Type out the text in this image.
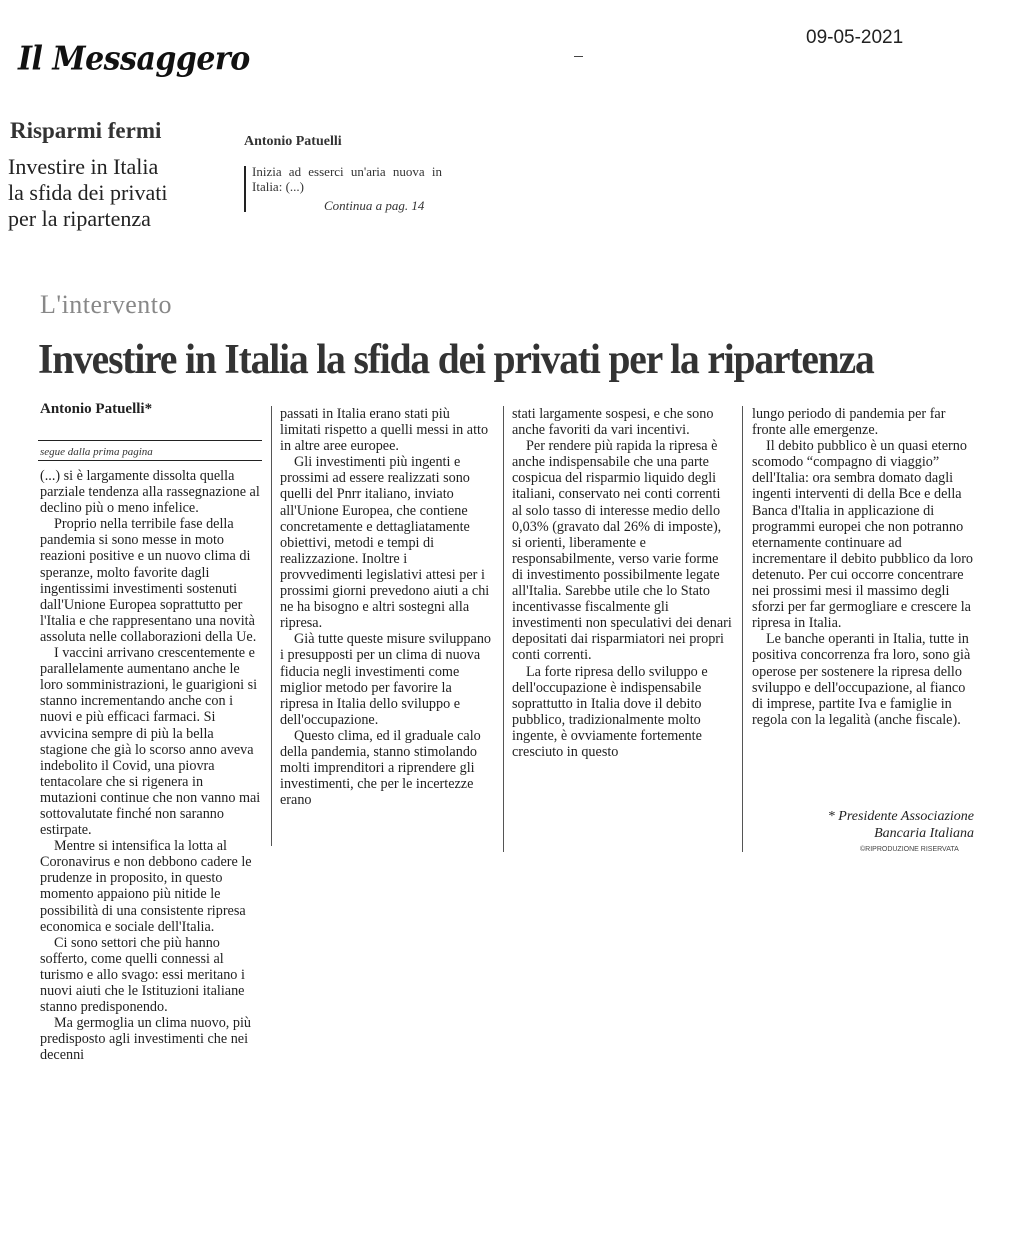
Il Messaggero
09-05-2021
Risparmi fermi
Investire in Italia
la sfida dei privati
per la ripartenza
Antonio Patuelli
Inizia ad esserci un'aria nuova in Italia: (...)
Continua a pag. 14
L'intervento
Investire in Italia la sfida dei privati per la ripartenza
Antonio Patuelli*
segue dalla prima pagina

(...) si è largamente dissolta quella parziale tendenza alla rassegnazione al declino più o meno infelice.

Proprio nella terribile fase della pandemia si sono messe in moto reazioni positive e un nuovo clima di speranze, molto favorite dagli ingentissimi investimenti sostenuti dall'Unione Europea soprattutto per l'Italia e che rappresentano una novità assoluta nelle collaborazioni della Ue.

I vaccini arrivano crescentemente e parallelamente aumentano anche le loro somministrazioni, le guarigioni si stanno incrementando anche con i nuovi e più efficaci farmaci. Si avvicina sempre di più la bella stagione che già lo scorso anno aveva indebolito il Covid, una piovra tentacolare che si rigenera in mutazioni continue che non vanno mai sottovalutate finché non saranno estirpate.

Mentre si intensifica la lotta al Coronavirus e non debbono cadere le prudenze in proposito, in questo momento appaiono più nitide le possibilità di una consistente ripresa economica e sociale dell'Italia.

Ci sono settori che più hanno sofferto, come quelli connessi al turismo e allo svago: essi meritano i nuovi aiuti che le Istituzioni italiane stanno predisponendo.

Ma germoglia un clima nuovo, più predisposto agli investimenti che nei decenni

passati in Italia erano stati più limitati rispetto a quelli messi in atto in altre aree europee.

Gli investimenti più ingenti e prossimi ad essere realizzati sono quelli del Pnrr italiano, inviato all'Unione Europea, che contiene concretamente e dettagliatamente obiettivi, metodi e tempi di realizzazione. Inoltre i provvedimenti legislativi attesi per i prossimi giorni prevedono aiuti a chi ne ha bisogno e altri sostegni alla ripresa.

Già tutte queste misure sviluppano i presupposti per un clima di nuova fiducia negli investimenti come miglior metodo per favorire la ripresa in Italia dello sviluppo e dell'occupazione.

Questo clima, ed il graduale calo della pandemia, stanno stimolando molti imprenditori a riprendere gli investimenti, che per le incertezze erano

stati largamente sospesi, e che sono anche favoriti da vari incentivi.

Per rendere più rapida la ripresa è anche indispensabile che una parte cospicua del risparmio liquido degli italiani, conservato nei conti correnti al solo tasso di interesse medio dello 0,03% (gravato dal 26% di imposte), si orienti, liberamente e responsabilmente, verso varie forme di investimento possibilmente legate all'Italia. Sarebbe utile che lo Stato incentivasse fiscalmente gli investimenti non speculativi dei denari depositati dai risparmiatori nei propri conti correnti.

La forte ripresa dello sviluppo e dell'occupazione è indispensabile soprattutto in Italia dove il debito pubblico, tradizionalmente molto ingente, è ovviamente fortemente cresciuto in questo

lungo periodo di pandemia per far fronte alle emergenze.

Il debito pubblico è un quasi eterno scomodo “compagno di viaggio” dell'Italia: ora sembra domato dagli ingenti interventi di della Bce e della Banca d'Italia in applicazione di programmi europei che non potranno eternamente continuare ad incrementare il debito pubblico da loro detenuto. Per cui occorre concentrare nei prossimi mesi il massimo degli sforzi per far germogliare e crescere la ripresa in Italia.

Le banche operanti in Italia, tutte in positiva concorrenza fra loro, sono già operose per sostenere la ripresa dello sviluppo e dell'occupazione, al fianco di imprese, partite Iva e famiglie in regola con la legalità (anche fiscale).

* Presidente Associazione
Bancaria Italiana
©RIPRODUZIONE RISERVATA
